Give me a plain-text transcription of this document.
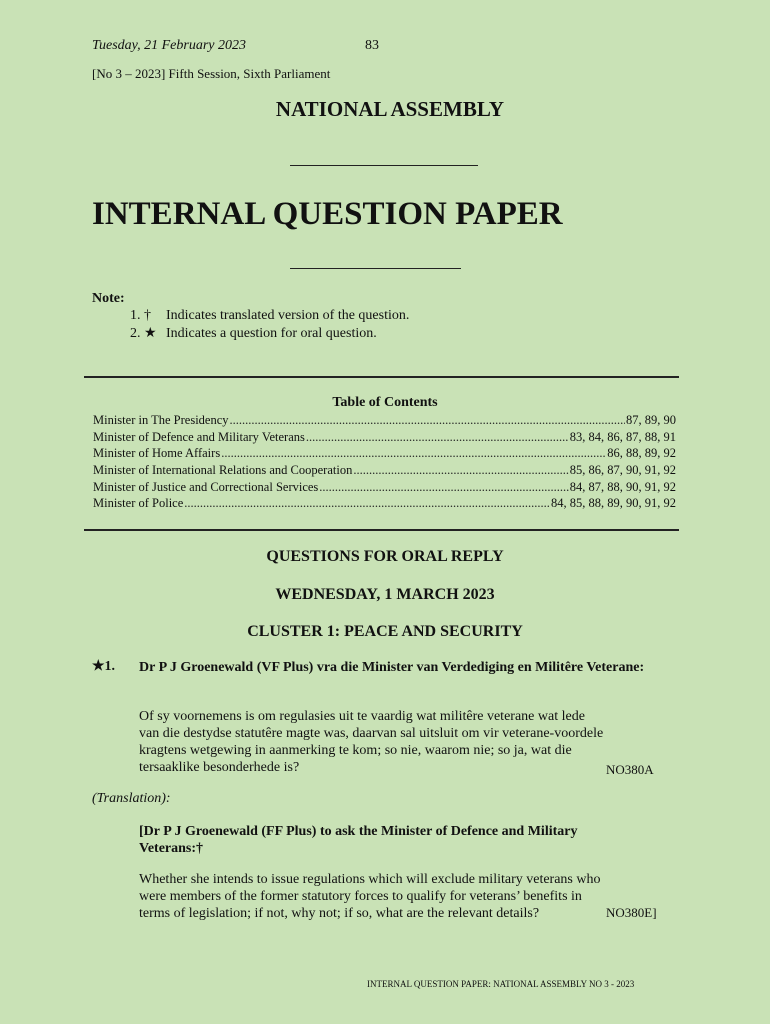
Tuesday, 21 February 2023	83
[No 3 – 2023] Fifth Session, Sixth Parliament
NATIONAL ASSEMBLY
INTERNAL QUESTION PAPER
Note:
1. † Indicates translated version of the question.
2. ★ Indicates a question for oral question.
Table of Contents
Minister in The Presidency .....	87, 89, 90
Minister of Defence and Military Veterans .....	83, 84, 86, 87, 88, 91
Minister of Home Affairs .....	86, 88, 89, 92
Minister of International Relations and Cooperation .....	85, 86, 87, 90, 91, 92
Minister of Justice and Correctional Services .....	84, 87, 88, 90, 91, 92
Minister of Police .....	84, 85, 88, 89, 90, 91, 92
QUESTIONS FOR ORAL REPLY
WEDNESDAY, 1 MARCH 2023
CLUSTER 1: PEACE AND SECURITY
★1. Dr P J Groenewald (VF Plus) vra die Minister van Verdediging en Militêre Veterane:
Of sy voornemens is om regulasies uit te vaardig wat militêre veterane wat lede
van die destydse statutêre magte was, daarvan sal uitsluit om vir veterane-voordele
kragtens wetgewing in aanmerking te kom; so nie, waarom nie; so ja, wat die
tersaaklike besonderhede is?	NO380A
(Translation):
[Dr P J Groenewald (FF Plus) to ask the Minister of Defence and Military
Veterans:†
Whether she intends to issue regulations which will exclude military veterans who
were members of the former statutory forces to qualify for veterans’ benefits in
terms of legislation; if not, why not; if so, what are the relevant details?	NO380E]
INTERNAL QUESTION PAPER: NATIONAL ASSEMBLY NO 3 - 2023
